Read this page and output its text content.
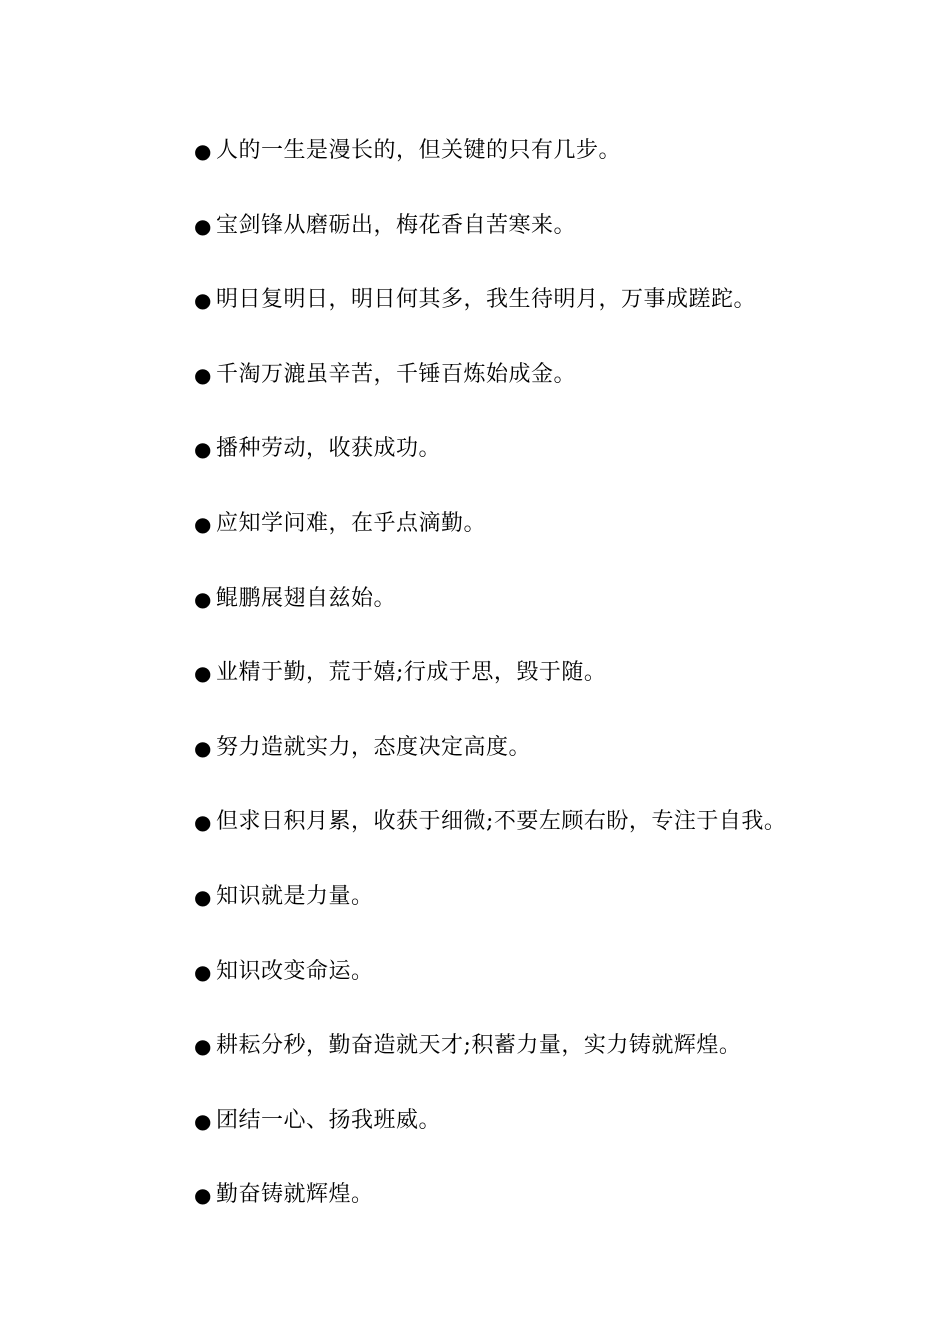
● 人的一生是漫长的，但关键的只有几步。
● 宝剑锋从磨砺出，梅花香自苦寒来。
● 明日复明日，明日何其多，我生待明月，万事成蹉跎。
● 千淘万漉虽辛苦，千锤百炼始成金。
● 播种劳动，收获成功。
● 应知学问难，在乎点滴勤。
● 鲲鹏展翅自兹始。
● 业精于勤，荒于嬉;行成于思，毁于随。
● 努力造就实力，态度决定高度。
● 但求日积月累，收获于细微;不要左顾右盼，专注于自我。
● 知识就是力量。
● 知识改变命运。
● 耕耘分秒，勤奋造就天才;积蓄力量，实力铸就辉煌。
● 团结一心、扬我班威。
● 勤奋铸就辉煌。
